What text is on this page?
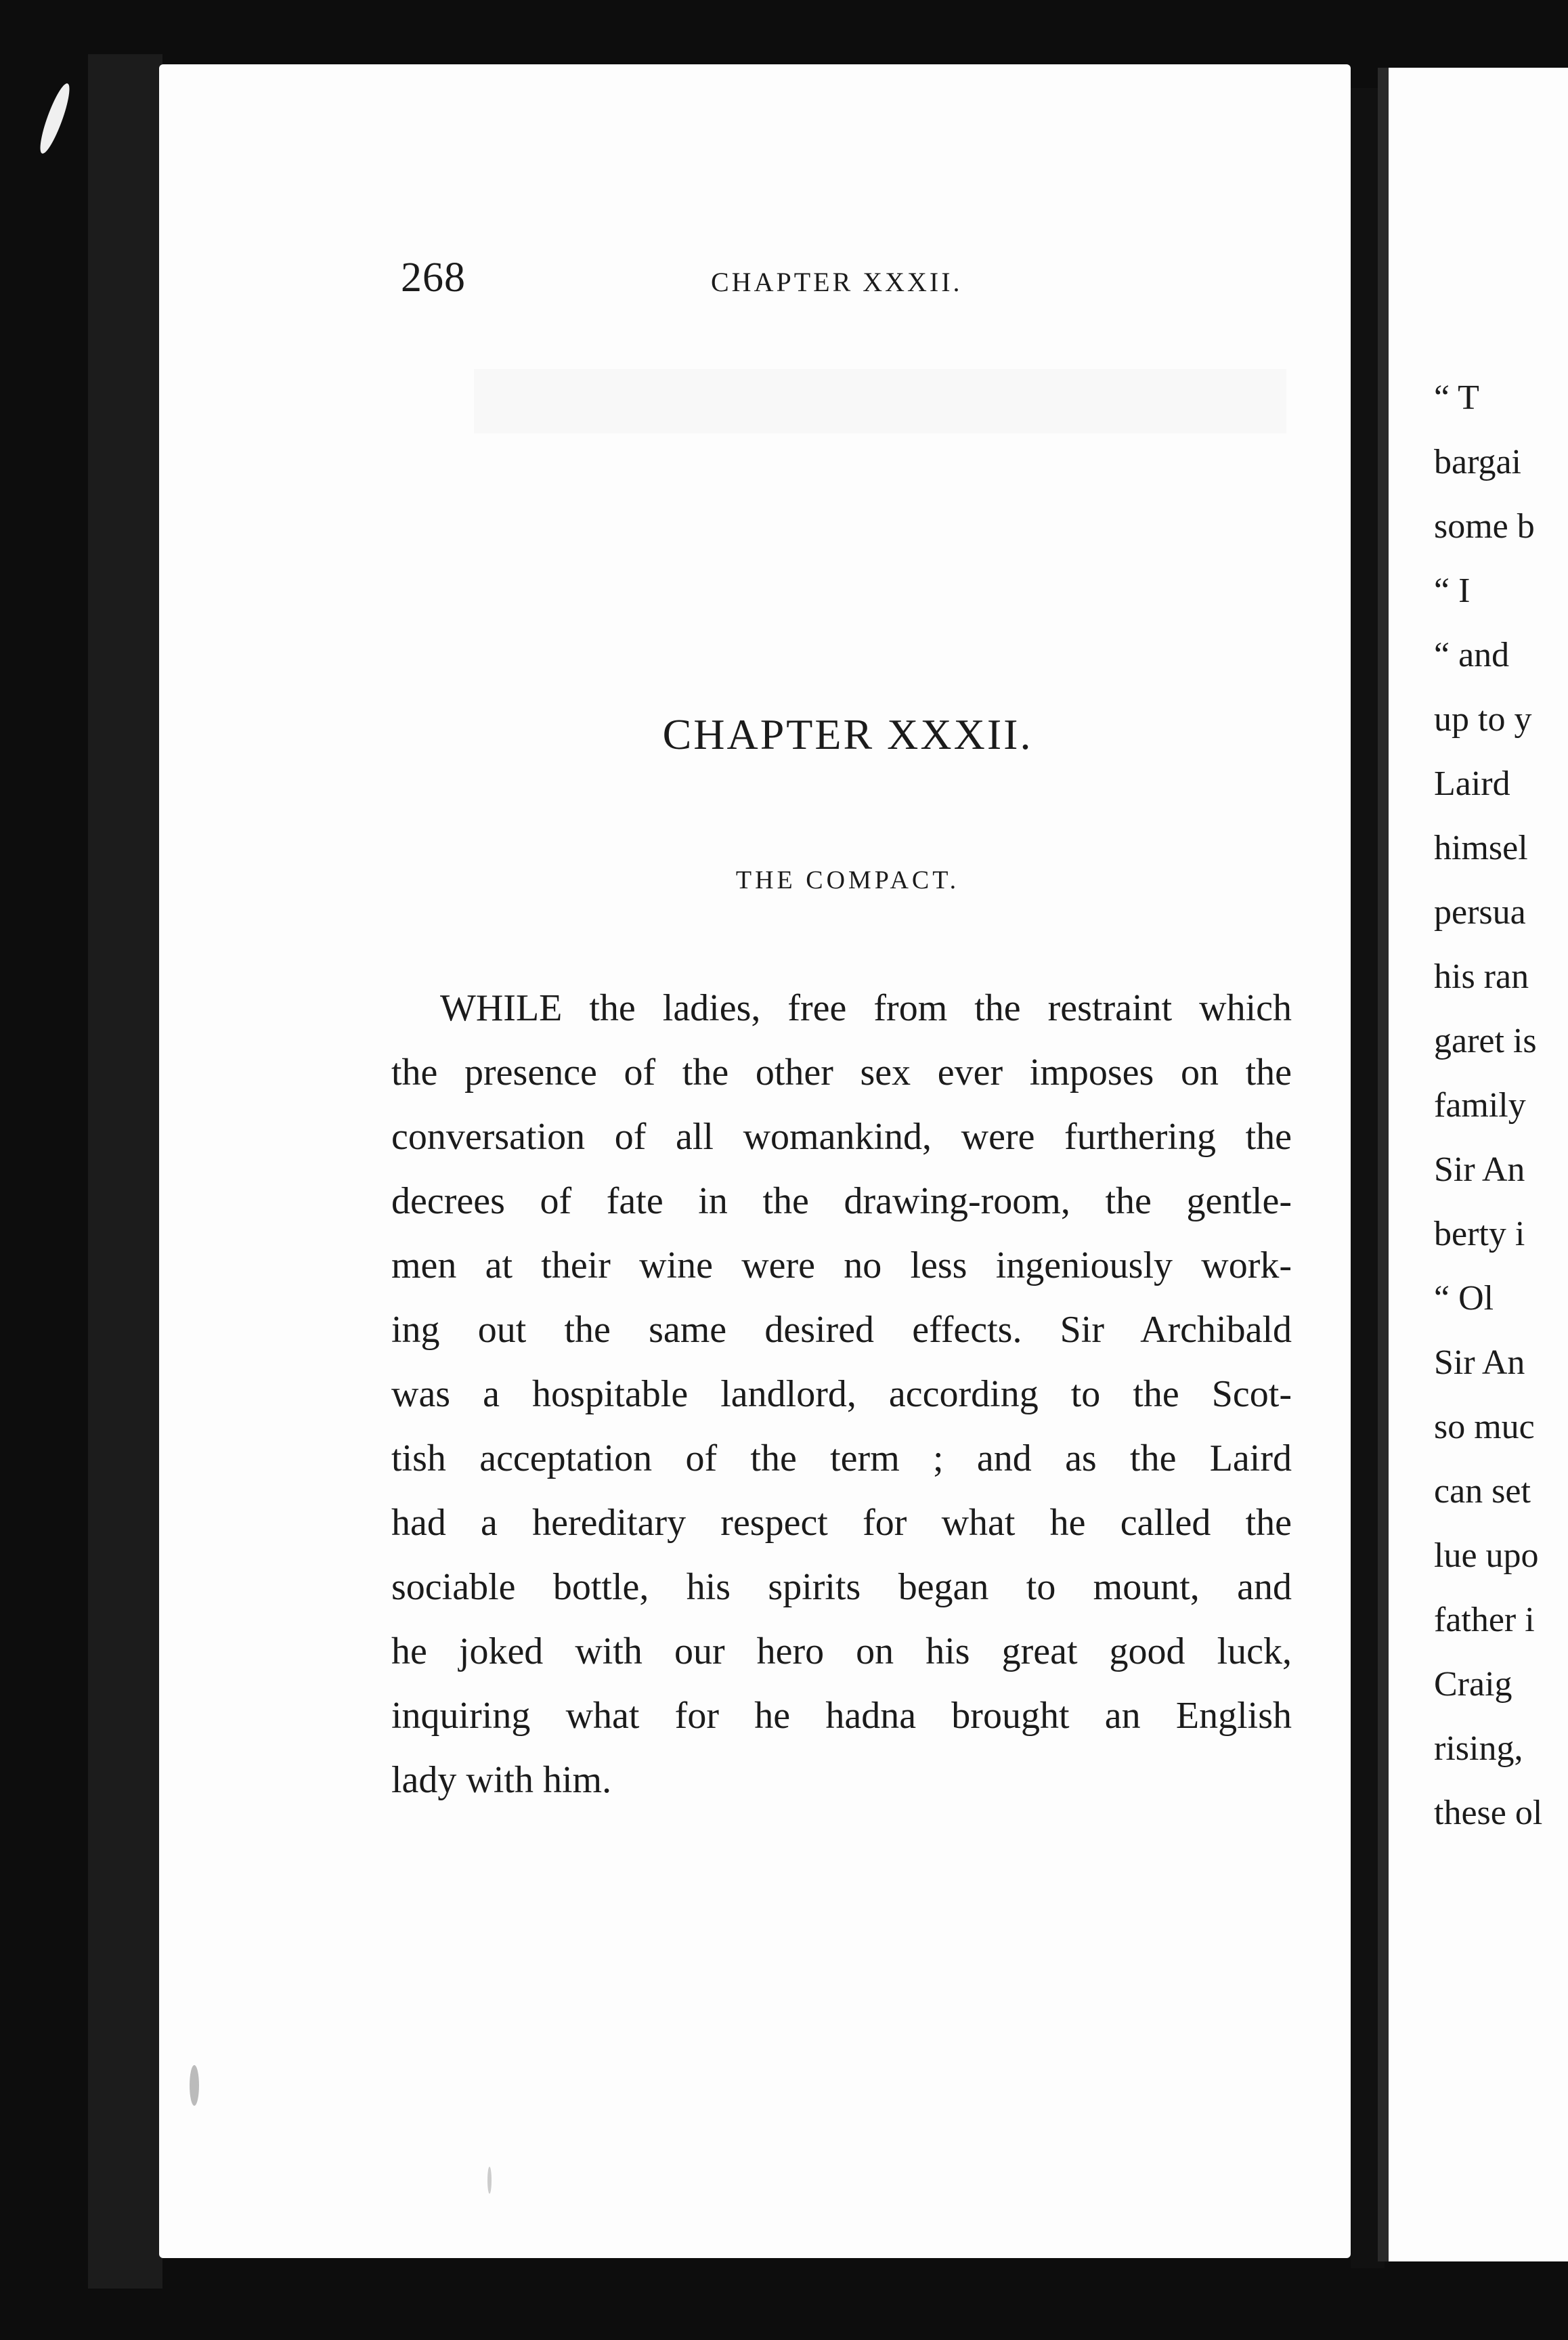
268	CHAPTER XXXII.
CHAPTER XXXII.
THE COMPACT.
WHILE the ladies, free from the restraint which
the presence of the other sex ever imposes on the
conversation of all womankind, were furthering the
decrees of fate in the drawing-room, the gentle-
men at their wine were no less ingeniously work-
ing out the same desired effects. Sir Archibald
was a hospitable landlord, according to the Scot-
tish acceptation of the term ; and as the Laird
had a hereditary respect for what he called the
sociable bottle, his spirits began to mount, and
he joked with our hero on his great good luck,
inquiring what for he hadna brought an English
lady with him.
“ T
bargai
some b
“ I
“ and
up to y
Laird
himsel
persua
his ran
garet is
family
Sir An
berty i
“ Ol
Sir An
so muc
can set
lue upo
father i
Craig
rising,
these ol
